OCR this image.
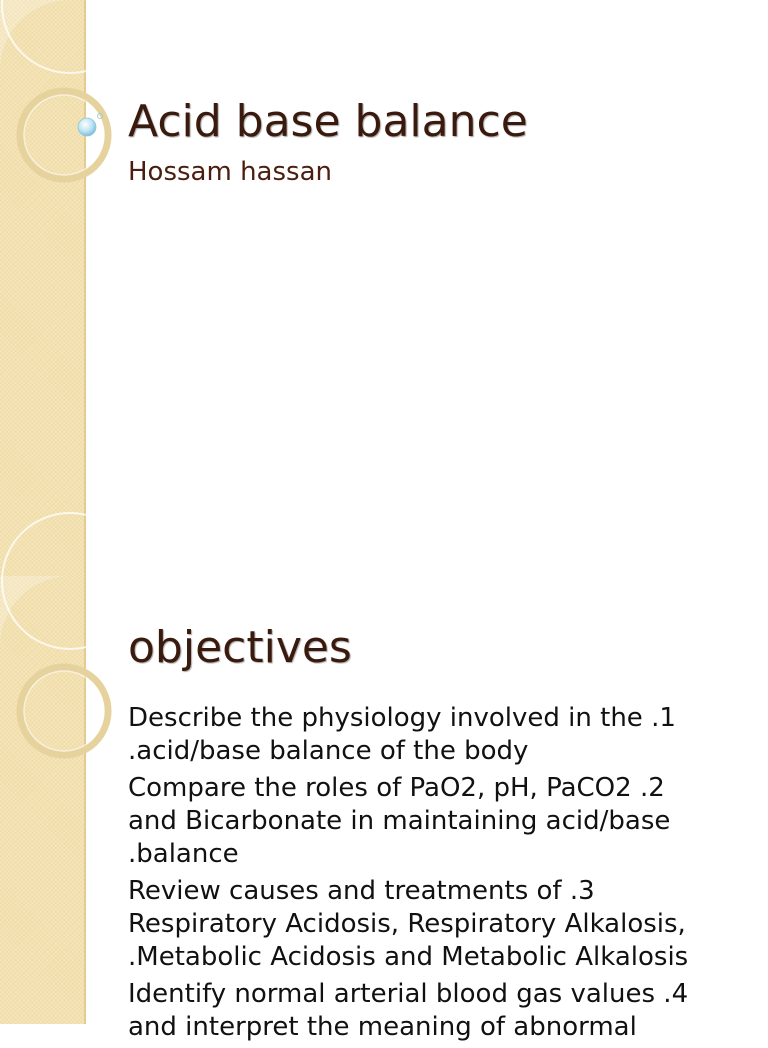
Acid base balance

Hossam hassan

objectives
Describe the physiology involved in the .1
.acid/base balance of the body
Compare the roles of PaO2, pH, PaCO2 .2
and Bicarbonate in maintaining acid/base
.balance
Review causes and treatments of .3
Respiratory Acidosis, Respiratory Alkalosis,
.Metabolic Acidosis and Metabolic Alkalosis
Identify normal arterial blood gas values .4
and interpret the meaning of abnormal
